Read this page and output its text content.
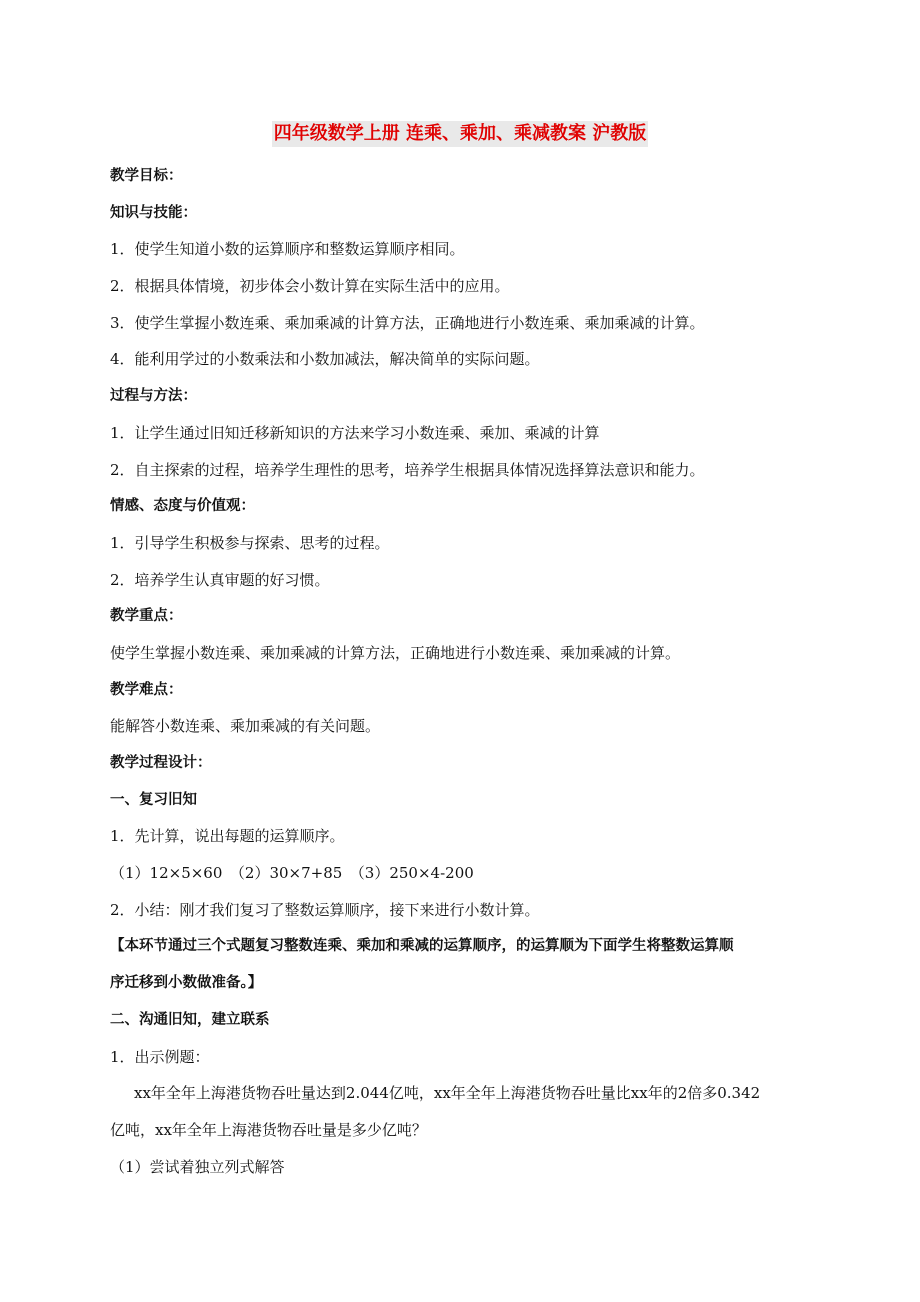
四年级数学上册 连乘、乘加、乘减教案 沪教版
教学目标：
知识与技能：
1．使学生知道小数的运算顺序和整数运算顺序相同。
2．根据具体情境，初步体会小数计算在实际生活中的应用。
3．使学生掌握小数连乘、乘加乘减的计算方法，正确地进行小数连乘、乘加乘减的计算。
4．能利用学过的小数乘法和小数加减法，解决简单的实际问题。
过程与方法：
1．让学生通过旧知迁移新知识的方法来学习小数连乘、乘加、乘减的计算
2．自主探索的过程，培养学生理性的思考，培养学生根据具体情况选择算法意识和能力。
情感、态度与价值观：
1．引导学生积极参与探索、思考的过程。
2．培养学生认真审题的好习惯。
教学重点：
使学生掌握小数连乘、乘加乘减的计算方法，正确地进行小数连乘、乘加乘减的计算。
教学难点：
能解答小数连乘、乘加乘减的有关问题。
教学过程设计：
一、复习旧知
1．先计算，说出每题的运算顺序。
（1）12×5×60　（2）30×7+85　（3）250×4-200
2．小结：刚才我们复习了整数运算顺序，接下来进行小数计算。
【本环节通过三个式题复习整数连乘、乘加和乘减的运算顺序，的运算顺为下面学生将整数运算顺
序迁移到小数做准备。】
二、沟通旧知，建立联系
1．出示例题：
xx年全年上海港货物吞吐量达到2.044亿吨，xx年全年上海港货物吞吐量比xx年的2倍多0.342
亿吨，xx年全年上海港货物吞吐量是多少亿吨？
（1）尝试着独立列式解答
